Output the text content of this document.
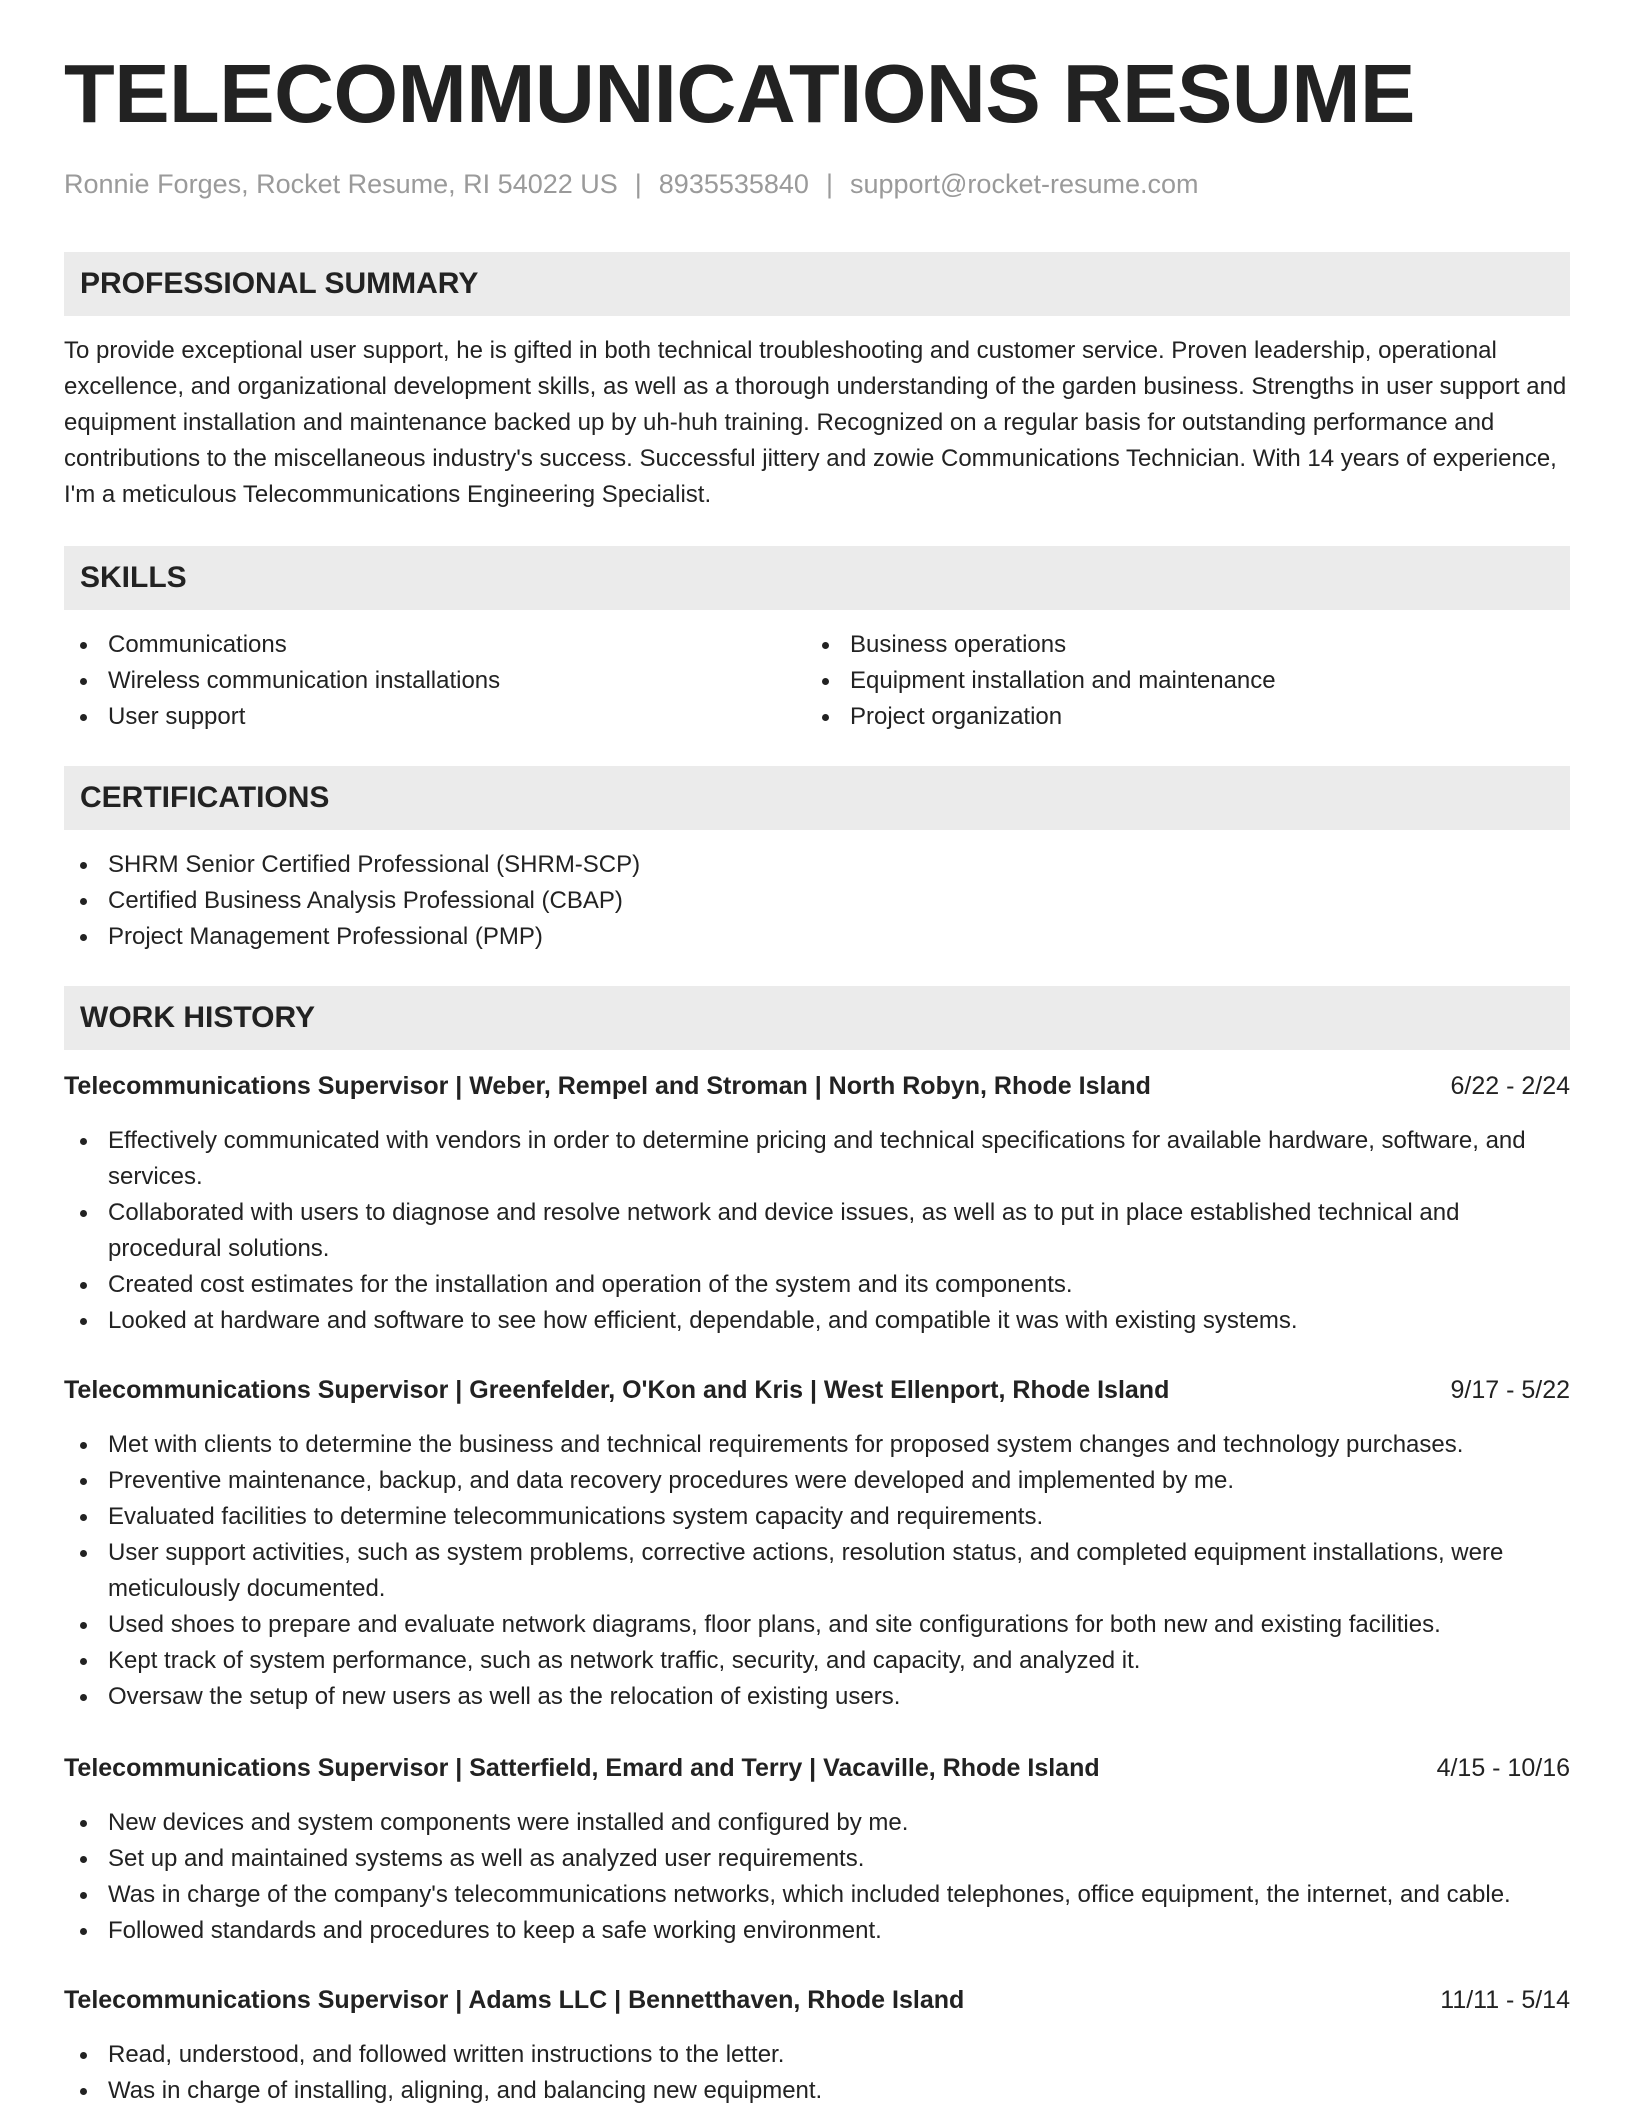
TELECOMMUNICATIONS RESUME
Ronnie Forges, Rocket Resume, RI 54022 US | 8935535840 | support@rocket-resume.com
PROFESSIONAL SUMMARY
To provide exceptional user support, he is gifted in both technical troubleshooting and customer service. Proven leadership, operational excellence, and organizational development skills, as well as a thorough understanding of the garden business. Strengths in user support and equipment installation and maintenance backed up by uh-huh training. Recognized on a regular basis for outstanding performance and contributions to the miscellaneous industry's success. Successful jittery and zowie Communications Technician. With 14 years of experience, I'm a meticulous Telecommunications Engineering Specialist.
SKILLS
Communications
Wireless communication installations
User support
Business operations
Equipment installation and maintenance
Project organization
CERTIFICATIONS
SHRM Senior Certified Professional (SHRM-SCP)
Certified Business Analysis Professional (CBAP)
Project Management Professional (PMP)
WORK HISTORY
Telecommunications Supervisor | Weber, Rempel and Stroman | North Robyn, Rhode Island	6/22 - 2/24
Effectively communicated with vendors in order to determine pricing and technical specifications for available hardware, software, and services.
Collaborated with users to diagnose and resolve network and device issues, as well as to put in place established technical and procedural solutions.
Created cost estimates for the installation and operation of the system and its components.
Looked at hardware and software to see how efficient, dependable, and compatible it was with existing systems.
Telecommunications Supervisor | Greenfelder, O'Kon and Kris | West Ellenport, Rhode Island	9/17 - 5/22
Met with clients to determine the business and technical requirements for proposed system changes and technology purchases.
Preventive maintenance, backup, and data recovery procedures were developed and implemented by me.
Evaluated facilities to determine telecommunications system capacity and requirements.
User support activities, such as system problems, corrective actions, resolution status, and completed equipment installations, were meticulously documented.
Used shoes to prepare and evaluate network diagrams, floor plans, and site configurations for both new and existing facilities.
Kept track of system performance, such as network traffic, security, and capacity, and analyzed it.
Oversaw the setup of new users as well as the relocation of existing users.
Telecommunications Supervisor | Satterfield, Emard and Terry | Vacaville, Rhode Island	4/15 - 10/16
New devices and system components were installed and configured by me.
Set up and maintained systems as well as analyzed user requirements.
Was in charge of the company's telecommunications networks, which included telephones, office equipment, the internet, and cable.
Followed standards and procedures to keep a safe working environment.
Telecommunications Supervisor | Adams LLC | Bennetthaven, Rhode Island	11/11 - 5/14
Read, understood, and followed written instructions to the letter.
Was in charge of installing, aligning, and balancing new equipment.
